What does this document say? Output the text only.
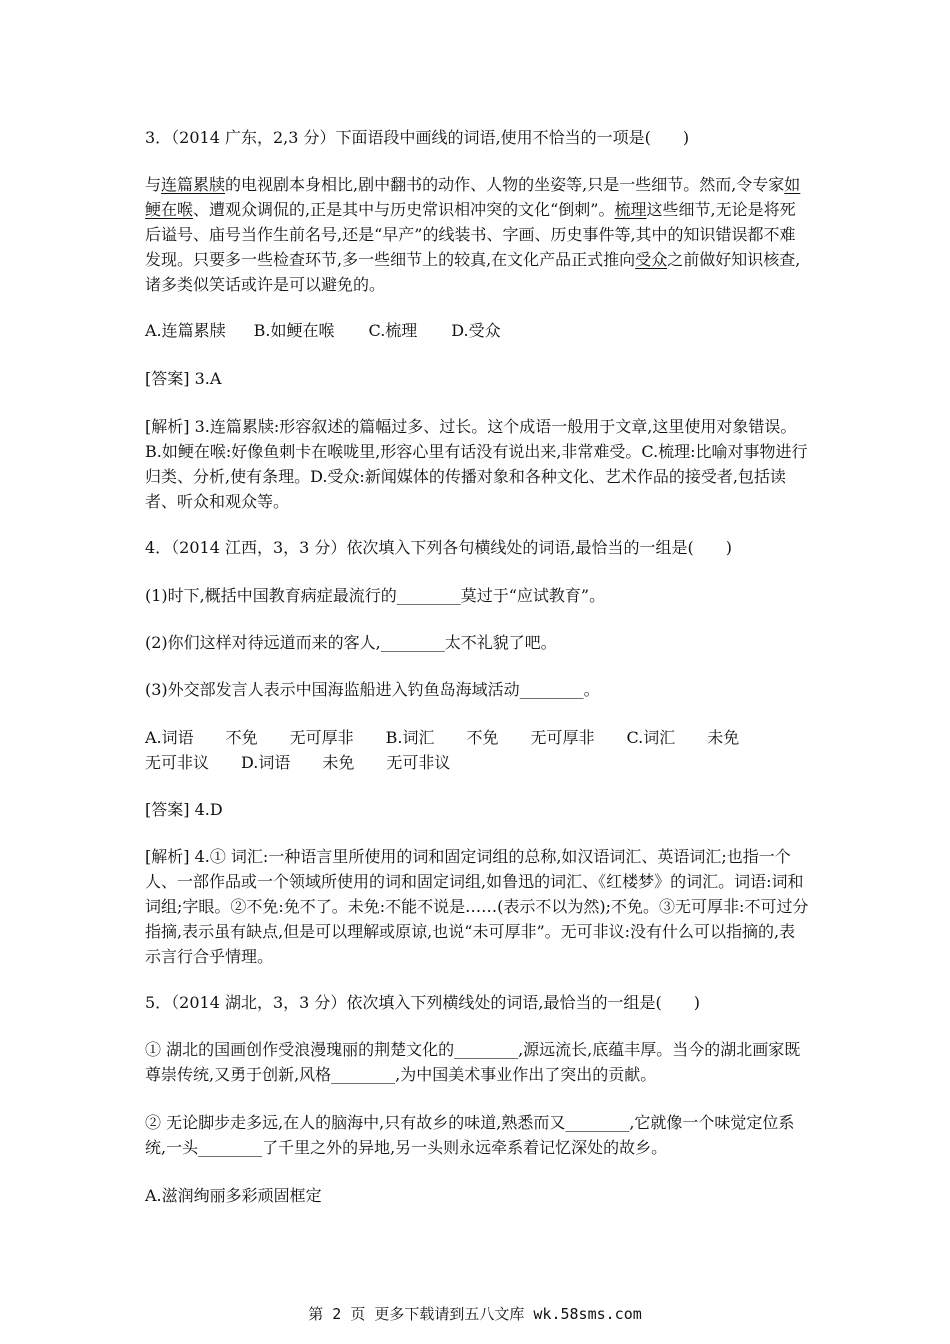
3．（2014 广东，2,3 分）下面语段中画线的词语,使用不恰当的一项是(　　)

与连篇累牍的电视剧本身相比,剧中翻书的动作、人物的坐姿等,只是一些细节。然而,令专家如鲠在喉、遭观众调侃的,正是其中与历史常识相冲突的文化“倒刺”。梳理这些细节,无论是将死后谥号、庙号当作生前名号,还是“早产”的线装书、字画、历史事件等,其中的知识错误都不难发现。只要多一些检查环节,多一些细节上的较真,在文化产品正式推向受众之前做好知识核查,诸多类似笑话或许是可以避免的。

A.连篇累牍 B.如鲠在喉 C.梳理 D.受众

[答案] 3.A

[解析] 3.连篇累牍:形容叙述的篇幅过多、过长。这个成语一般用于文章,这里使用对象错误。B.如鲠在喉:好像鱼刺卡在喉咙里,形容心里有话没有说出来,非常难受。C.梳理:比喻对事物进行归类、分析,使有条理。D.受众:新闻媒体的传播对象和各种文化、艺术作品的接受者,包括读者、听众和观众等。

4．（2014 江西，3，3 分）依次填入下列各句横线处的词语,最恰当的一组是(　　)

(1)时下,概括中国教育病症最流行的________莫过于“应试教育”。

(2)你们这样对待远道而来的客人,________太不礼貌了吧。

(3)外交部发言人表示中国海监船进入钓鱼岛海域活动________。

A.词语　　不免　　无可厚非　　B.词汇　　不免　　无可厚非　　C.词汇　　未免

无可非议　　D.词语　　未免　　无可非议

[答案] 4.D

[解析] 4.① 词汇:一种语言里所使用的词和固定词组的总称,如汉语词汇、英语词汇;也指一个人、一部作品或一个领域所使用的词和固定词组,如鲁迅的词汇、《红楼梦》的词汇。词语:词和词组;字眼。②不免:免不了。未免:不能不说是……(表示不以为然);不免。③无可厚非:不可过分指摘,表示虽有缺点,但是可以理解或原谅,也说“未可厚非”。无可非议:没有什么可以指摘的,表示言行合乎情理。

5．（2014 湖北，3，3 分）依次填入下列横线处的词语,最恰当的一组是(　　)

① 湖北的国画创作受浪漫瑰丽的荆楚文化的________,源远流长,底蕴丰厚。当今的湖北画家既尊崇传统,又勇于创新,风格________,为中国美术事业作出了突出的贡献。

② 无论脚步走多远,在人的脑海中,只有故乡的味道,熟悉而又________,它就像一个味觉定位系统,一头________了千里之外的异地,另一头则永远牵系着记忆深处的故乡。

A.滋润绚丽多彩顽固框定

第 2 页 更多下载请到五八文库 wk.58sms.com
